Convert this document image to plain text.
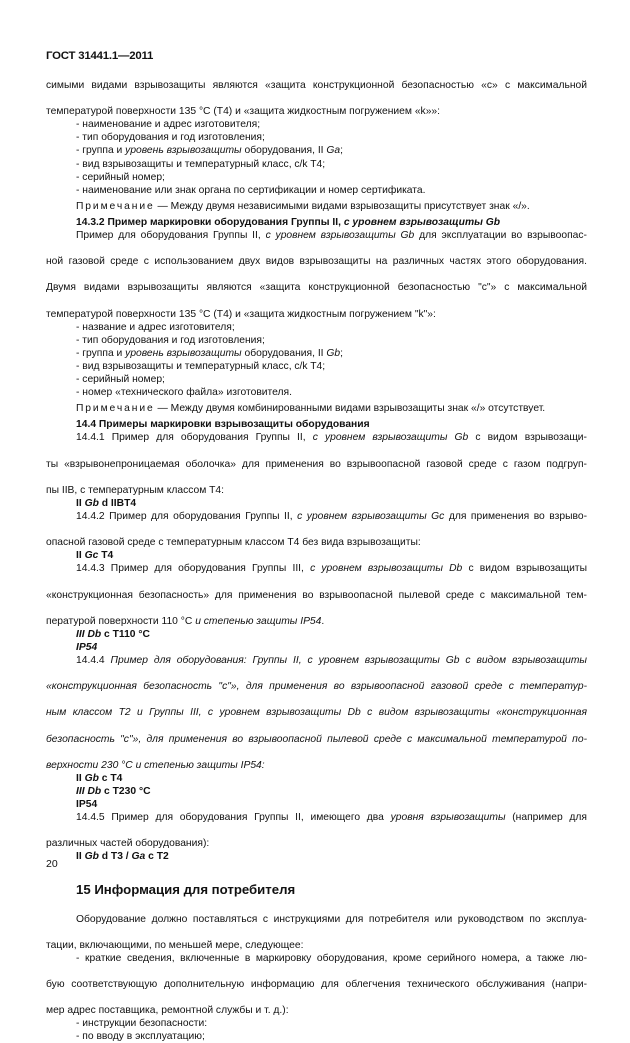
ГОСТ 31441.1—2011

симыми видами взрывозащиты являются «защита конструкционной безопасностью «c» с максимальной

температурой поверхности 135 °C (T4) и «защита жидкостным погружением «k»»:

- наименование и адрес изготовителя;

- тип оборудования и год изготовления;

- группа и уровень взрывозащиты оборудования, II Ga;

- вид взрывозащиты и температурный класс, c/k T4;

- серийный номер;

- наименование или знак органа по сертификации и номер сертификата.

Примечание — Между двумя независимыми видами взрывозащиты присутствует знак «/».

14.3.2 Пример маркировки оборудования Группы II, с уровнем взрывозащиты Gb

Пример для оборудования Группы II, с уровнем взрывозащиты Gb для эксплуатации во взрывоопас-

ной газовой среде с использованием двух видов взрывозащиты на различных частях этого оборудования.

Двумя видами взрывозащиты являются «защита конструкционной безопасностью "c"» с максимальной

температурой поверхности 135 °C (T4) и «защита жидкостным погружением "k"»:

- название и адрес изготовителя;

- тип оборудования и год изготовления;

- группа и уровень взрывозащиты оборудования, II Gb;

- вид взрывозащиты и температурный класс, c/k T4;

- серийный номер;

- номер «технического файла» изготовителя.

Примечание — Между двумя комбинированными видами взрывозащиты знак «/» отсутствует.

14.4 Примеры маркировки взрывозащиты оборудования

14.4.1 Пример для оборудования Группы II, с уровнем взрывозащиты Gb с видом взрывозащи-

ты «взрывонепроницаемая оболочка» для применения во взрывоопасной газовой среде с газом подгруп-

пы IIB, с температурным классом T4:

II Gb d IIBT4

14.4.2 Пример для оборудования Группы II, с уровнем взрывозащиты Gc для применения во взрыво-

опасной газовой среде с температурным классом T4 без вида взрывозащиты:

II Gc T4

14.4.3 Пример для оборудования Группы III, с уровнем взрывозащиты Db с видом взрывозащиты

«конструкционная безопасность» для применения во взрывоопасной пылевой среде с максимальной тем-

пературой поверхности 110 °C и степенью защиты IP54.

III Db c T110 °C

IP54

14.4.4 Пример для оборудования: Группы II, с уровнем взрывозащиты Gb с видом взрывозащиты

«конструкционная безопасность "c"», для применения во взрывоопасной газовой среде с температур-

ным классом T2 и Группы III, с уровнем взрывозащиты Db с видом взрывозащиты «конструкционная

безопасность "c"», для применения во взрывоопасной пылевой среде с максимальной температурой по-

верхности 230 °C и степенью защиты IP54:

II Gb c T4

III Db c T230 °C

IP54

14.4.5 Пример для оборудования Группы II, имеющего два уровня взрывозащиты (например для

различных частей оборудования):

II Gb d T3 / Ga c T2

15 Информация для потребителя

Оборудование должно поставляться с инструкциями для потребителя или руководством по эксплуа-

тации, включающими, по меньшей мере, следующее:

- краткие сведения, включенные в маркировку оборудования, кроме серийного номера, а также лю-

бую соответствующую дополнительную информацию для облегчения технического обслуживания (напри-

мер адрес поставщика, ремонтной службы и т. д.):

- инструкции безопасности:

- по вводу в эксплуатацию;

20
